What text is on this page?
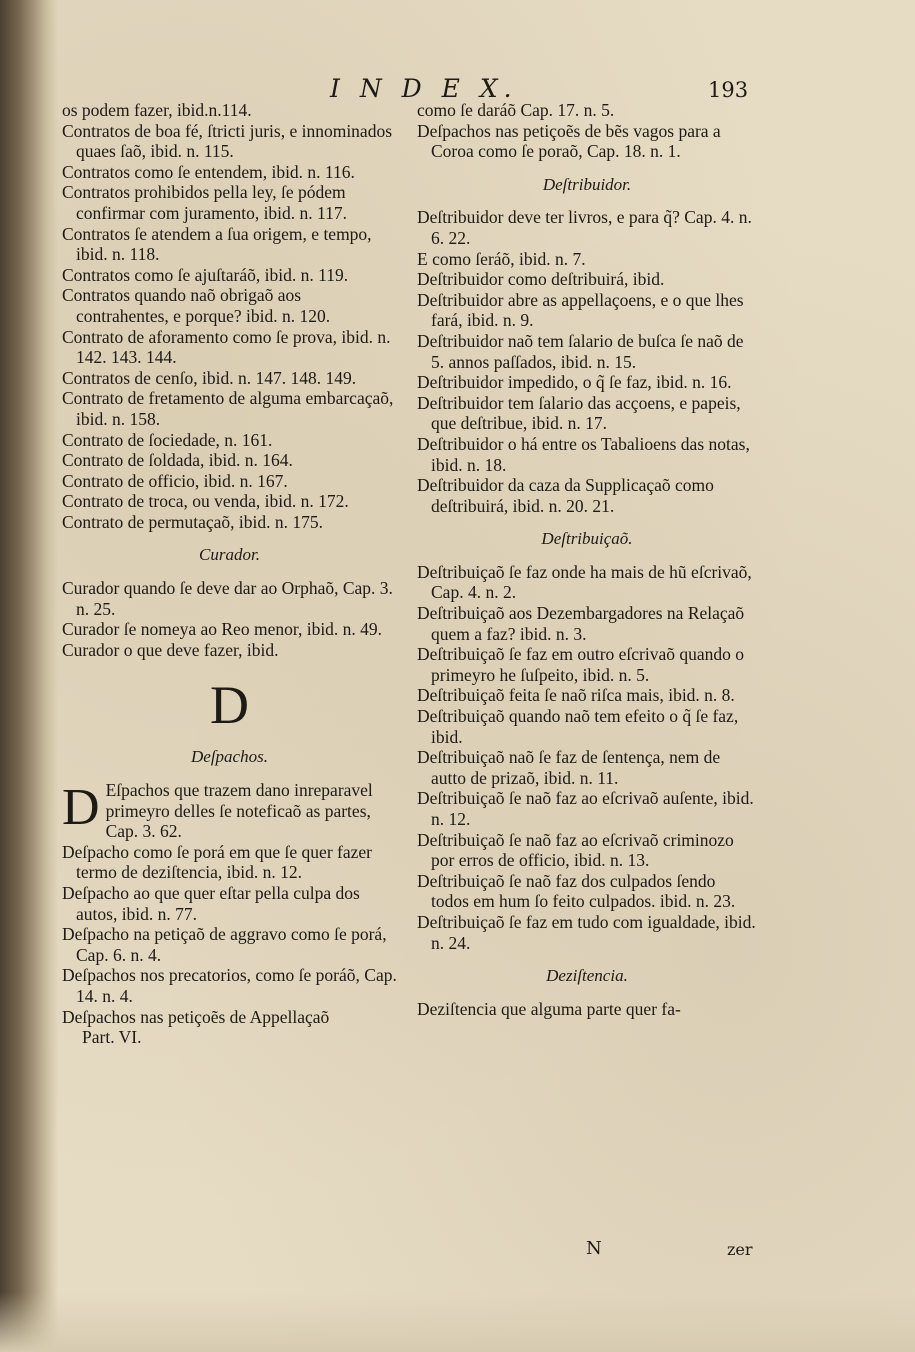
I N D E X.	193

os podem fazer, ibid.n.114.

Contratos de boa fé, ſtricti juris, e innominados quaes ſaõ, ibid. n. 115.

Contratos como ſe entendem, ibid. n. 116.

Contratos prohibidos pella ley, ſe pódem confirmar com juramento, ibid. n. 117.

Contratos ſe atendem a ſua origem, e tempo, ibid. n. 118.

Contratos como ſe ajuſtaráõ, ibid. n. 119.

Contratos quando naõ obrigaõ aos contrahentes, e porque? ibid. n. 120.

Contrato de aforamento como ſe prova, ibid. n. 142. 143. 144.

Contratos de cenſo, ibid. n. 147. 148. 149.

Contrato de fretamento de alguma embarcaçaõ, ibid. n. 158.

Contrato de ſociedade, n. 161.

Contrato de ſoldada, ibid. n. 164.

Contrato de officio, ibid. n. 167.

Contrato de troca, ou venda, ibid. n. 172.

Contrato de permutaçaõ, ibid. n. 175.

Curador.

Curador quando ſe deve dar ao Orphaõ, Cap. 3. n. 25.

Curador ſe nomeya ao Reo menor, ibid. n. 49.

Curador o que deve fazer, ibid.

D
Deſpachos.

D Eſpachos que trazem dano inreparavel primeyro delles ſe noteficaõ as partes, Cap. 3. 62.

Deſpacho como ſe porá em que ſe quer fazer termo de deziſtencia, ibid. n. 12.

Deſpacho ao que quer eſtar pella culpa dos autos, ibid. n. 77.

Deſpacho na petiçaõ de aggravo como ſe porá, Cap. 6. n. 4.

Deſpachos nos precatorios, como ſe poráõ, Cap. 14. n. 4.

Deſpachos nas petiçoẽs de Appellaçaõ

Part. VI.

como ſe daráõ Cap. 17. n. 5.

Deſpachos nas petiçoẽs de bẽs vagos para a Coroa como ſe poraõ, Cap. 18. n. 1.

Deſtribuidor.

Deſtribuidor deve ter livros, e para q̃? Cap. 4. n. 6. 22.

E como ſeráõ, ibid. n. 7.

Deſtribuidor como deſtribuirá, ibid.

Deſtribuidor abre as appellaçoens, e o que lhes fará, ibid. n. 9.

Deſtribuidor naõ tem ſalario de buſca ſe naõ de 5. annos paſſados, ibid. n. 15.

Deſtribuidor impedido, o q̃ ſe faz, ibid. n. 16.

Deſtribuidor tem ſalario das acçoens, e papeis, que deſtribue, ibid. n. 17.

Deſtribuidor o há entre os Tabalioens das notas, ibid. n. 18.

Deſtribuidor da caza da Supplicaçaõ como deſtribuirá, ibid. n. 20. 21.

Deſtribuiçaõ.

Deſtribuiçaõ ſe faz onde ha mais de hũ eſcrivaõ, Cap. 4. n. 2.

Deſtribuiçaõ aos Dezembargadores na Relaçaõ quem a faz? ibid. n. 3.

Deſtribuiçaõ ſe faz em outro eſcrivaõ quando o primeyro he ſuſpeito, ibid. n. 5.

Deſtribuiçaõ feita ſe naõ riſca mais, ibid. n. 8.

Deſtribuiçaõ quando naõ tem efeito o q̃ ſe faz, ibid.

Deſtribuiçaõ naõ ſe faz de ſentença, nem de autto de prizaõ, ibid. n. 11.

Deſtribuiçaõ ſe naõ faz ao eſcrivaõ auſente, ibid. n. 12.

Deſtribuiçaõ ſe naõ faz ao eſcrivaõ criminozo por erros de officio, ibid. n. 13.

Deſtribuiçaõ ſe naõ faz dos culpados ſendo todos em hum ſo feito culpados. ibid. n. 23.

Deſtribuiçaõ ſe faz em tudo com igualdade, ibid. n. 24.

Deziſtencia.

Deziſtencia que alguma parte quer fa-

N	zer
